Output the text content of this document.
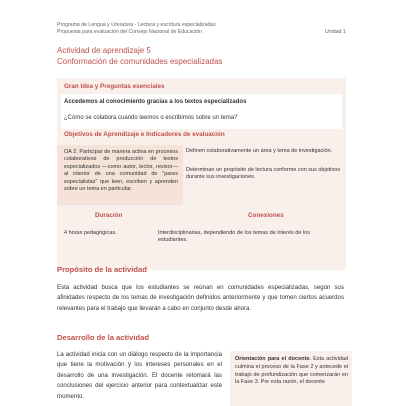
Programa de Lengua y Literatura - Lectura y escritura especializadas
Propuesta para evaluación del Consejo Nacional de Educación	Unidad 1
Actividad de aprendizaje 5
Conformación de comunidades especializadas
Gran Idea y Preguntas esenciales
Accedemos al conocimiento gracias a los textos especializados
¿Cómo se colabora cuando leemos o escribimos sobre un tema?
Objetivos de Aprendizaje e Indicadores de evaluación
OA 2. Participar de manera activa en procesos colaborativos de producción de textos especializados —como autor, lector, revisor— al interior de una comunidad de "pares especialistas" que leen, escriben y aprenden sobre un tema en particular.
Definen colaborativamente un área y tema de investigación.
Determinan un propósito de lectura conforme con sus objetivos durante sus investigaciones.
Duración	Conexiones
4 horas pedagógicas.	Interdisciplinarias, dependiendo de los temas de interés de los estudiantes.
Propósito de la actividad
Esta actividad busca que los estudiantes se reúnan en comunidades especializadas, según sus afinidades respecto de los temas de investigación definidos anteriormente y que tomen ciertos acuerdos relevantes para el trabajo que llevarán a cabo en conjunto desde ahora.
Desarrollo de la actividad
La actividad inicia con un diálogo respecto de la importancia que tiene la motivación y los intereses personales en el desarrollo de una investigación. El docente retomará las conclusiones del ejercicio anterior para contextualizar este momento.
Orientación para el docente. Esta actividad culmina el proceso de la Fase 2 y antecede el trabajo de profundización que comenzarán en la Fase 3. Por esta razón, el docente
